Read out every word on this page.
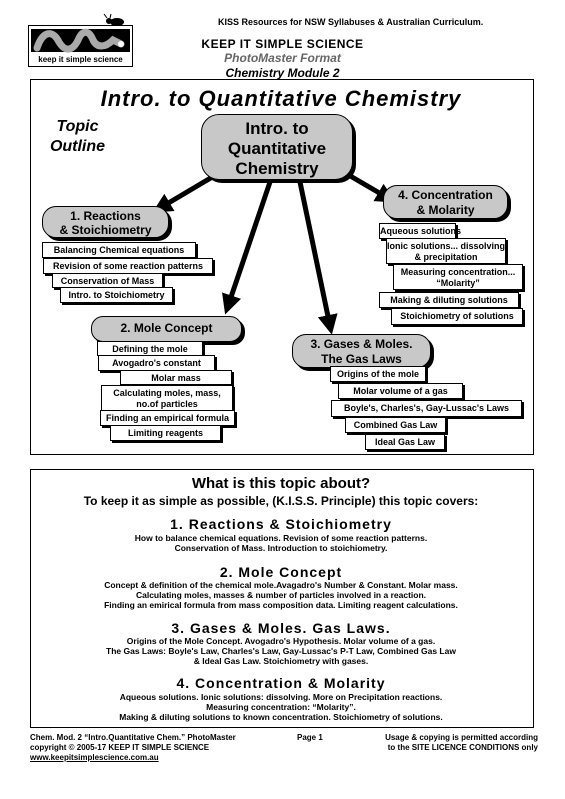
KISS Resources for NSW Syllabuses & Australian Curriculum.
keep it simple science
KEEP IT SIMPLE SCIENCE
PhotoMaster Format
Chemistry Module 2
Intro. to Quantitative Chemistry
Topic
Outline
Intro. to
Quantitative
Chemistry
1. Reactions
& Stoichiometry
Balancing Chemical equations
Revision of some reaction patterns
Conservation of Mass
Intro. to Stoichiometry
2. Mole Concept
Defining the mole
Avogadro's constant
Molar mass
Calculating moles, mass, no.of particles
Finding an empirical formula
Limiting reagents
3. Gases & Moles.
The Gas Laws
Origins of the mole
Molar volume of a gas
Boyle's, Charles's, Gay-Lussac's Laws
Combined Gas Law
Ideal Gas Law
4. Concentration
& Molarity
Aqueous solutions
Ionic solutions... dissolving & precipitation
Measuring concentration... “Molarity”
Making & diluting solutions
Stoichiometry of solutions
What is this topic about?
To keep it as simple as possible, (K.I.S.S. Principle) this topic covers:
1. Reactions & Stoichiometry
How to balance chemical equations. Revision of some reaction patterns.
Conservation of Mass. Introduction to stoichiometry.
2. Mole Concept
Concept & definition of the chemical mole.Avagadro's Number & Constant. Molar mass.
Calculating moles, masses & number of particles involved in a reaction.
Finding an emirical formula from mass composition data. Limiting reagent calculations.
3. Gases & Moles. Gas Laws.
Origins of the Mole Concept. Avogadro's Hypothesis. Molar volume of a gas.
The Gas Laws: Boyle's Law, Charles's Law, Gay-Lussac's P-T Law, Combined Gas Law
& Ideal Gas Law. Stoichiometry with gases.
4. Concentration & Molarity
Aqueous solutions. Ionic solutions: dissolving. More on Precipitation reactions.
Measuring concentration: “Molarity”.
Making & diluting solutions to known concentration. Stoichiometry of solutions.
Chem. Mod. 2 “Intro.Quantitative Chem.” PhotoMaster
copyright © 2005-17 KEEP IT SIMPLE SCIENCE
www.keepitsimplescience.com.au
Page 1	Usage & copying is permitted according
to the SITE LICENCE CONDITIONS only
